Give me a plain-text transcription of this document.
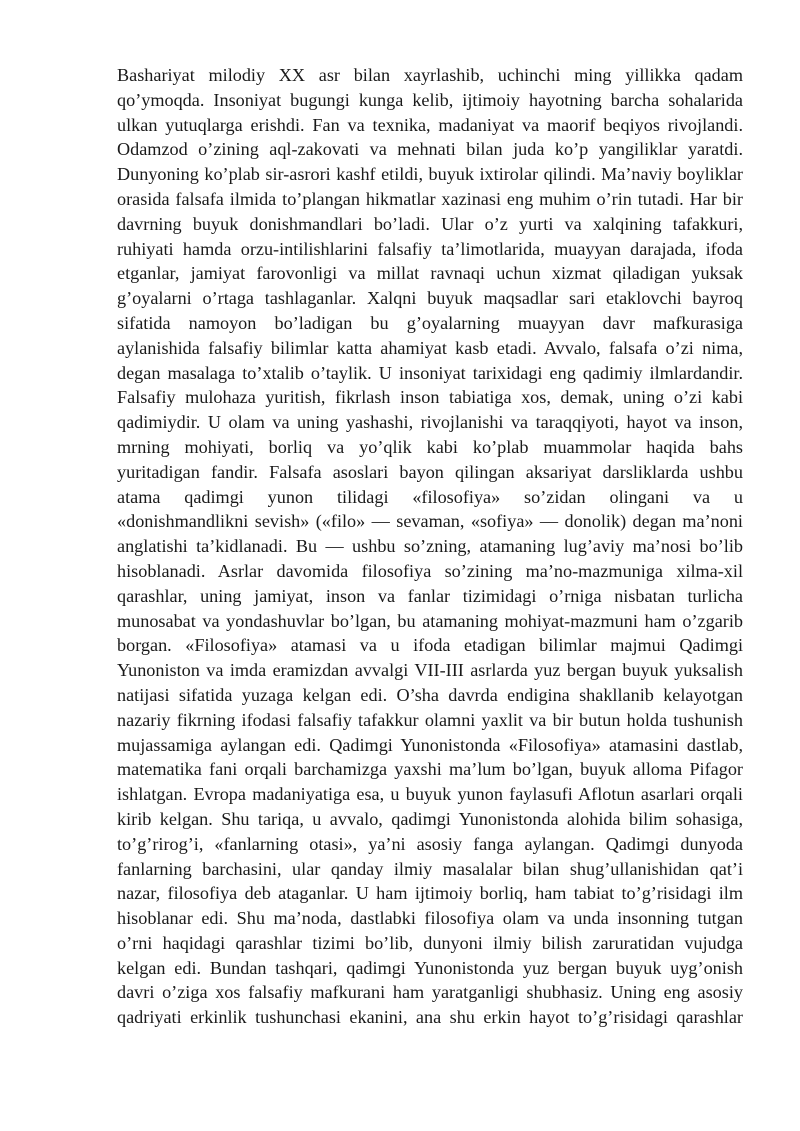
Bashariyat milodiy XX asr bilan xayrlashib, uchinchi ming yillikka qadam
qo’ymoqda. Insoniyat bugungi kunga kelib, ijtimoiy hayotning barcha sohalarida
ulkan yutuqlarga erishdi. Fan va texnika, madaniyat va maorif beqiyos rivojlandi.
Odamzod o’zining aql-zakovati va mehnati bilan juda ko’p yangiliklar yaratdi.
Dunyoning ko’plab sir-asrori kashf etildi, buyuk ixtirolar qilindi. Ma’naviy boyliklar
orasida falsafa ilmida to’plangan hikmatlar xazinasi eng muhim o’rin tutadi. Har bir
davrning buyuk donishmandlari bo’ladi. Ular o’z yurti va xalqining tafakkuri,
ruhiyati hamda orzu-intilishlarini falsafiy ta’limotlarida, muayyan darajada, ifoda
etganlar, jamiyat farovonligi va millat ravnaqi uchun xizmat qiladigan yuksak
g’oyalarni o’rtaga tashlaganlar. Xalqni buyuk maqsadlar sari etaklovchi bayroq
sifatida namoyon bo’ladigan bu g’oyalarning muayyan davr mafkurasiga
aylanishida falsafiy bilimlar katta ahamiyat kasb etadi. Avvalo, falsafa o’zi nima,
degan masalaga to’xtalib o’taylik. U insoniyat tarixidagi eng qadimiy ilmlardandir.
Falsafiy mulohaza yuritish, fikrlash inson tabiatiga xos, demak, uning o’zi kabi
qadimiydir. U olam va uning yashashi, rivojlanishi va taraqqiyoti, hayot va inson,
mrning mohiyati, borliq va yo’qlik kabi ko’plab muammolar haqida bahs
yuritadigan fandir. Falsafa asoslari bayon qilingan aksariyat darsliklarda ushbu
atama qadimgi yunon tilidagi «filosofiya» so’zidan olingani va u
«donishmandlikni sevish» («filo» — sevaman, «sofiya» — donolik) degan ma’noni
anglatishi ta’kidlanadi. Bu — ushbu so’zning, atamaning lug’aviy ma’nosi bo’lib
hisoblanadi. Asrlar davomida filosofiya so’zining ma’no-mazmuniga xilma-xil
qarashlar, uning jamiyat, inson va fanlar tizimidagi o’rniga nisbatan turlicha
munosabat va yondashuvlar bo’lgan, bu atamaning mohiyat-mazmuni ham o’zgarib
borgan. «Filosofiya» atamasi va u ifoda etadigan bilimlar majmui Qadimgi
Yunoniston va imda eramizdan avvalgi VII-III asrlarda yuz bergan buyuk yuksalish
natijasi sifatida yuzaga kelgan edi. O’sha davrda endigina shakllanib kelayotgan
nazariy fikrning ifodasi falsafiy tafakkur olamni yaxlit va bir butun holda tushunish
mujassamiga aylangan edi. Qadimgi Yunonistonda «Filosofiya» atamasini dastlab,
matematika fani orqali barchamizga yaxshi ma’lum bo’lgan, buyuk alloma Pifagor
ishlatgan. Evropa madaniyatiga esa, u buyuk yunon faylasufi Aflotun asarlari orqali
kirib kelgan. Shu tariqa, u avvalo, qadimgi Yunonistonda alohida bilim sohasiga,
to’g’rirog’i, «fanlarning otasi», ya’ni asosiy fanga aylangan. Qadimgi dunyoda
fanlarning barchasini, ular qanday ilmiy masalalar bilan shug’ullanishidan qat’i
nazar, filosofiya deb ataganlar. U ham ijtimoiy borliq, ham tabiat to’g’risidagi ilm
hisoblanar edi. Shu ma’noda, dastlabki filosofiya olam va unda insonning tutgan
o’rni haqidagi qarashlar tizimi bo’lib, dunyoni ilmiy bilish zaruratidan vujudga
kelgan edi. Bundan tashqari, qadimgi Yunonistonda yuz bergan buyuk uyg’onish
davri o’ziga xos falsafiy mafkurani ham yaratganligi shubhasiz. Uning eng asosiy
qadriyati erkinlik tushunchasi ekanini, ana shu erkin hayot to’g’risidagi qarashlar
